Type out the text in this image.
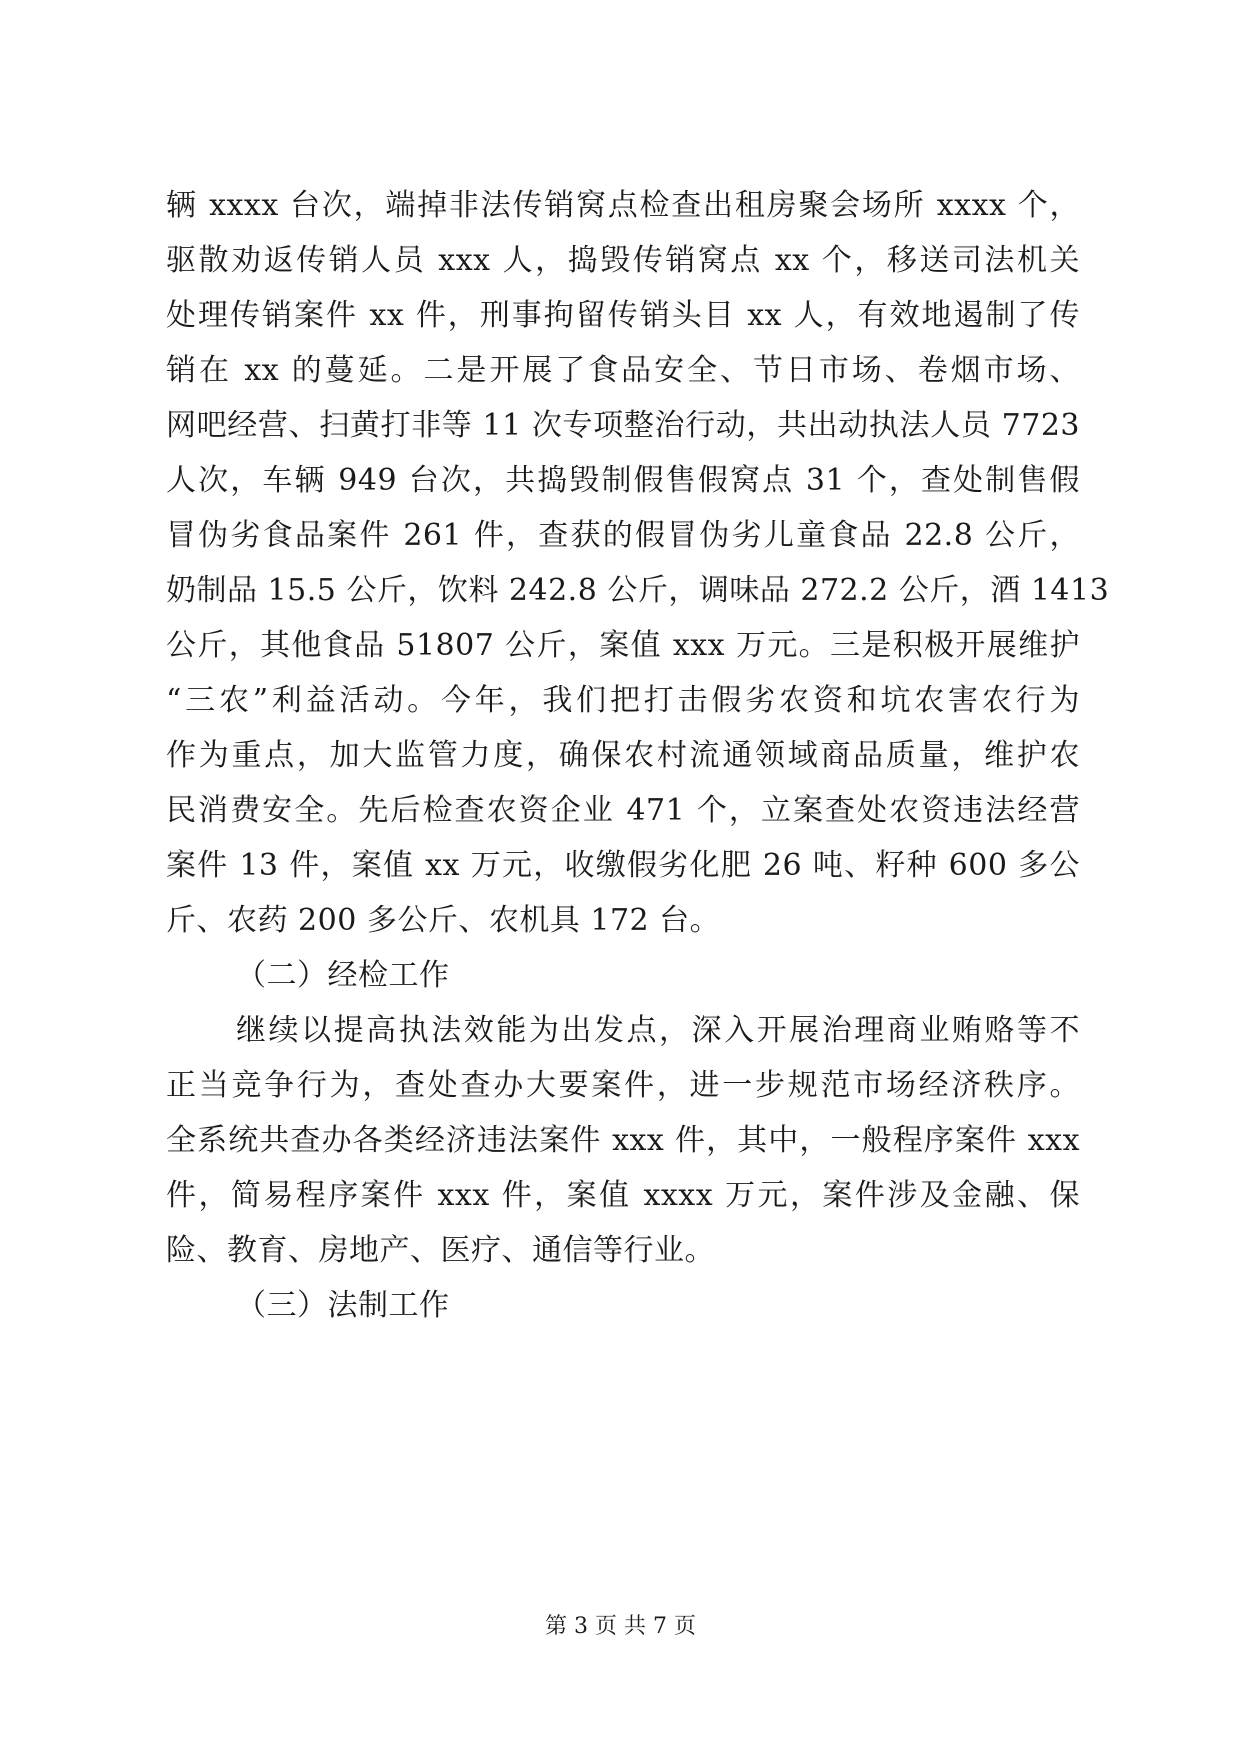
辆 xxxx 台次，端掉非法传销窝点检查出租房聚会场所 xxxx 个，
驱散劝返传销人员 xxx 人，捣毁传销窝点 xx 个，移送司法机关
处理传销案件 xx 件，刑事拘留传销头目 xx 人，有效地遏制了传
销在 xx 的蔓延。二是开展了食品安全、节日市场、卷烟市场、
网吧经营、扫黄打非等 11 次专项整治行动，共出动执法人员 7723
人次，车辆 949 台次，共捣毁制假售假窝点 31 个，查处制售假
冒伪劣食品案件 261 件，查获的假冒伪劣儿童食品 22.8 公斤，
奶制品 15.5 公斤，饮料 242.8 公斤，调味品 272.2 公斤，酒 1413
公斤，其他食品 51807 公斤，案值 xxx 万元。三是积极开展维护
“三农”利益活动。今年，我们把打击假劣农资和坑农害农行为
作为重点，加大监管力度，确保农村流通领域商品质量，维护农
民消费安全。先后检查农资企业 471 个，立案查处农资违法经营
案件 13 件，案值 xx 万元，收缴假劣化肥 26 吨、籽种 600 多公
斤、农药 200 多公斤、农机具 172 台。
（二）经检工作
继续以提高执法效能为出发点，深入开展治理商业贿赂等不
正当竞争行为，查处查办大要案件，进一步规范市场经济秩序。
全系统共查办各类经济违法案件 xxx 件，其中，一般程序案件 xxx
件，简易程序案件 xxx 件，案值 xxxx 万元，案件涉及金融、保
险、教育、房地产、医疗、通信等行业。
（三）法制工作
第 3 页 共 7 页
